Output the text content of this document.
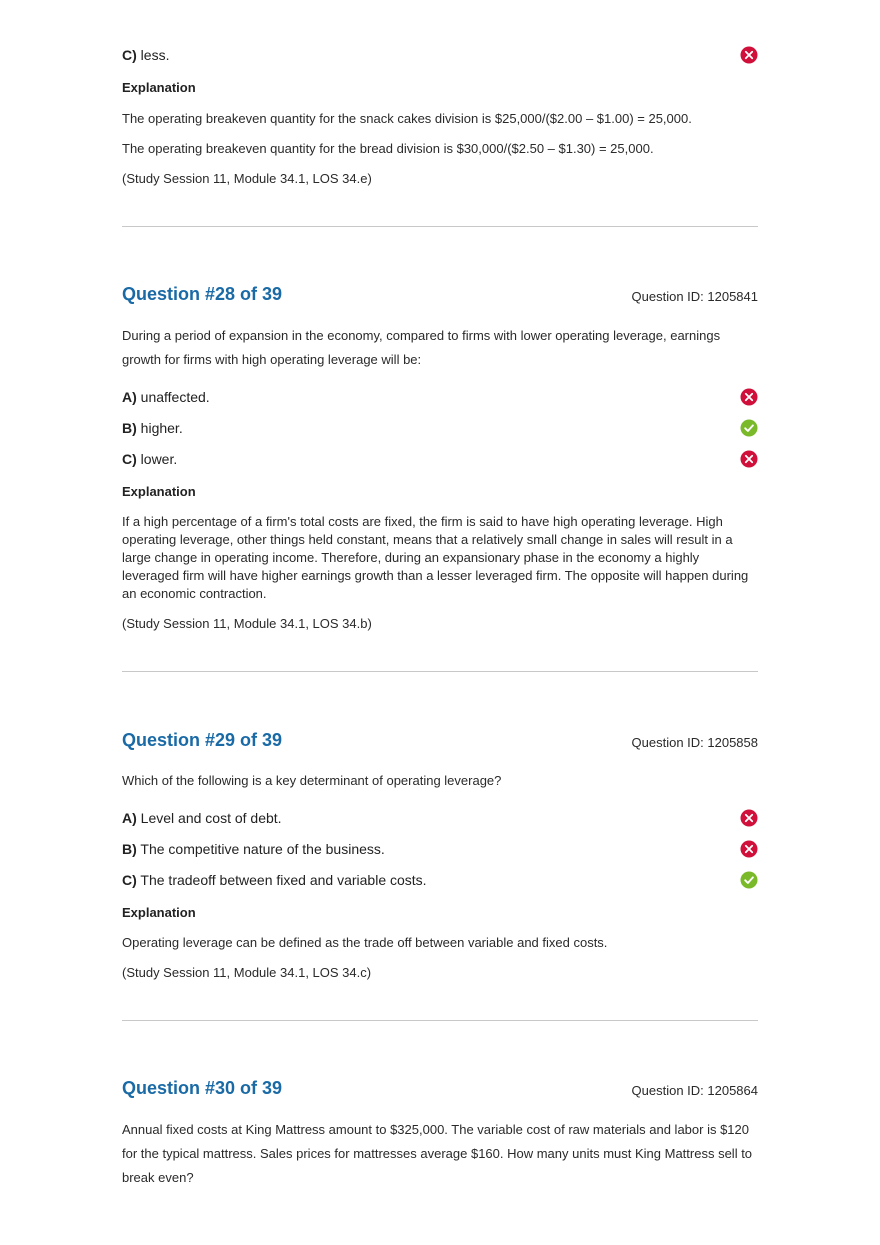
C) less.
Explanation
The operating breakeven quantity for the snack cakes division is $25,000/($2.00 – $1.00) = 25,000.
The operating breakeven quantity for the bread division is $30,000/($2.50 – $1.30) = 25,000.
(Study Session 11, Module 34.1, LOS 34.e)
Question #28 of 39	Question ID: 1205841
During a period of expansion in the economy, compared to firms with lower operating leverage, earnings growth for firms with high operating leverage will be:
A) unaffected.
B) higher.
C) lower.
Explanation
If a high percentage of a firm's total costs are fixed, the firm is said to have high operating leverage. High operating leverage, other things held constant, means that a relatively small change in sales will result in a large change in operating income. Therefore, during an expansionary phase in the economy a highly leveraged firm will have higher earnings growth than a lesser leveraged firm. The opposite will happen during an economic contraction.
(Study Session 11, Module 34.1, LOS 34.b)
Question #29 of 39	Question ID: 1205858
Which of the following is a key determinant of operating leverage?
A) Level and cost of debt.
B) The competitive nature of the business.
C) The tradeoff between fixed and variable costs.
Explanation
Operating leverage can be defined as the trade off between variable and fixed costs.
(Study Session 11, Module 34.1, LOS 34.c)
Question #30 of 39	Question ID: 1205864
Annual fixed costs at King Mattress amount to $325,000. The variable cost of raw materials and labor is $120 for the typical mattress. Sales prices for mattresses average $160. How many units must King Mattress sell to break even?
